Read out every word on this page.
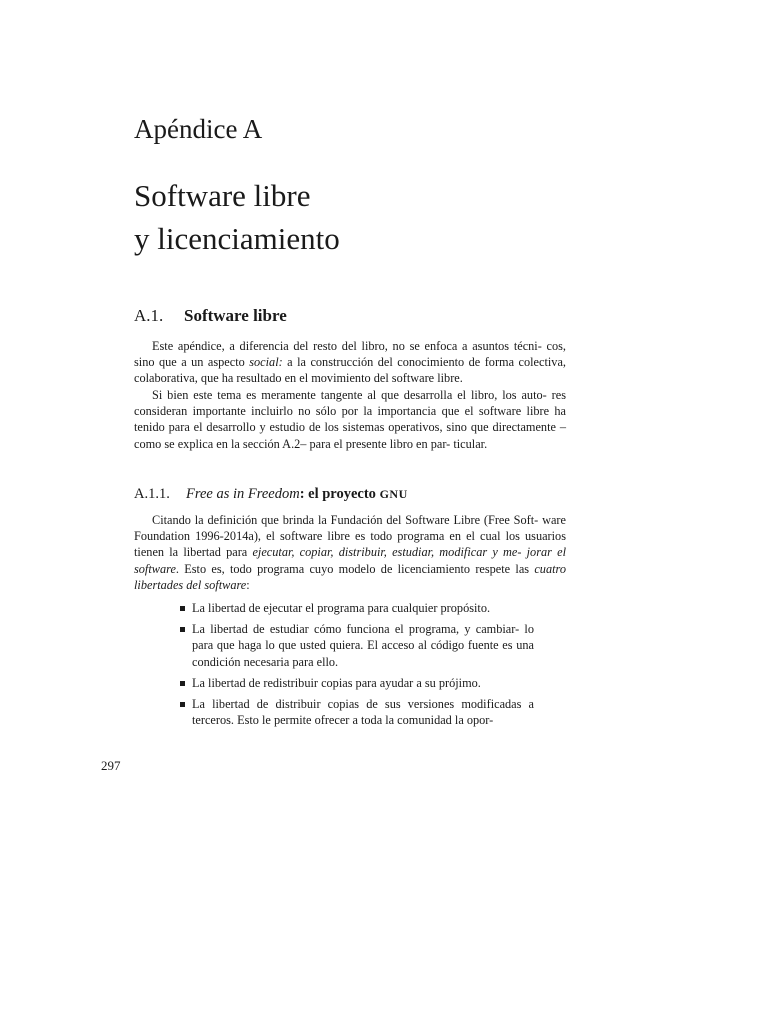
Apéndice A
Software libre
y licenciamiento
A.1. Software libre

Este apéndice, a diferencia del resto del libro, no se enfoca a asuntos técni- cos, sino que a un aspecto social: a la construcción del conocimiento de forma colectiva, colaborativa, que ha resultado en el movimiento del software libre.

Si bien este tema es meramente tangente al que desarrolla el libro, los auto- res consideran importante incluirlo no sólo por la importancia que el software libre ha tenido para el desarrollo y estudio de los sistemas operativos, sino que directamente –como se explica en la sección A.2– para el presente libro en par- ticular.

A.1.1. Free as in Freedom: el proyecto GNU

Citando la definición que brinda la Fundación del Software Libre (Free Soft- ware Foundation 1996-2014a), el software libre es todo programa en el cual los usuarios tienen la libertad para ejecutar, copiar, distribuir, estudiar, modificar y me- jorar el software. Esto es, todo programa cuyo modelo de licenciamiento respete las cuatro libertades del software:

La libertad de ejecutar el programa para cualquier propósito.
La libertad de estudiar cómo funciona el programa, y cambiar- lo para que haga lo que usted quiera. El acceso al código fuente es una condición necesaria para ello.
La libertad de redistribuir copias para ayudar a su prójimo.
La libertad de distribuir copias de sus versiones modificadas a terceros. Esto le permite ofrecer a toda la comunidad la opor-

297
